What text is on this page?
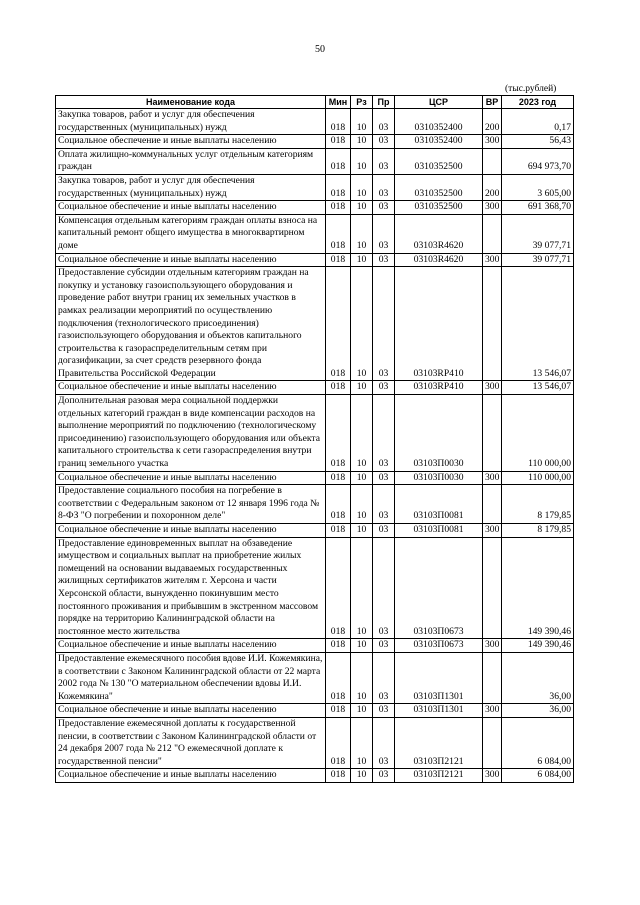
50
(тыс.рублей)
Наименование кода	Мин	Рз	Пр	ЦСР	ВР	2023 год
Закупка товаров, работ и услуг для обеспечения государственных (муниципальных) нужд	018	10	03	0310352400	200	0,17
Социальное обеспечение и иные выплаты населению	018	10	03	0310352400	300	56,43
Оплата жилищно-коммунальных услуг отдельным категориям граждан	018	10	03	0310352500		694 973,70
Закупка товаров, работ и услуг для обеспечения государственных (муниципальных) нужд	018	10	03	0310352500	200	3 605,00
Социальное обеспечение и иные выплаты населению	018	10	03	0310352500	300	691 368,70
Компенсация отдельным категориям граждан оплаты взноса на капитальный ремонт общего имущества в многоквартирном доме	018	10	03	03103R4620		39 077,71
Социальное обеспечение и иные выплаты населению	018	10	03	03103R4620	300	39 077,71
Предоставление субсидии отдельным категориям граждан на покупку и установку газоиспользующего оборудования и проведение работ внутри границ их земельных участков в рамках реализации мероприятий по осуществлению подключения (технологического присоединения) газоиспользующего оборудования и объектов капитального строительства к газораспределительным сетям при догазификации, за счет средств резервного фонда Правительства Российской Федерации	018	10	03	03103RP410		13 546,07
Социальное обеспечение и иные выплаты населению	018	10	03	03103RP410	300	13 546,07
Дополнительная разовая мера социальной поддержки отдельных категорий граждан в виде компенсации расходов на выполнение мероприятий по подключению (технологическому присоединению) газоиспользующего оборудования или объекта капитального строительства к сети газораспределения внутри границ земельного участка	018	10	03	03103П0030		110 000,00
Социальное обеспечение и иные выплаты населению	018	10	03	03103П0030	300	110 000,00
Предоставление социального пособия на погребение в соответствии с Федеральным законом от 12 января 1996 года № 8-ФЗ "О погребении и похоронном деле"	018	10	03	03103П0081		8 179,85
Социальное обеспечение и иные выплаты населению	018	10	03	03103П0081	300	8 179,85
Предоставление единовременных выплат на обзаведение имуществом и социальных выплат на приобретение жилых помещений на основании выдаваемых государственных жилищных сертификатов жителям г. Херсона и части Херсонской области, вынужденно покинувшим место постоянного проживания и прибывшим в экстренном массовом порядке на территорию Калининградской области на постоянное место жительства	018	10	03	03103П0673		149 390,46
Социальное обеспечение и иные выплаты населению	018	10	03	03103П0673	300	149 390,46
Предоставление ежемесячного пособия вдове И.И. Кожемякина, в соответствии с Законом Калининградской области от 22 марта 2002 года № 130 "О материальном обеспечении вдовы И.И. Кожемякина"	018	10	03	03103П1301		36,00
Социальное обеспечение и иные выплаты населению	018	10	03	03103П1301	300	36,00
Предоставление ежемесячной доплаты к государственной пенсии, в соответствии с Законом Калининградской области от 24 декабря 2007 года № 212 "О ежемесячной доплате к государственной пенсии"	018	10	03	03103П2121		6 084,00
Социальное обеспечение и иные выплаты населению	018	10	03	03103П2121	300	6 084,00
